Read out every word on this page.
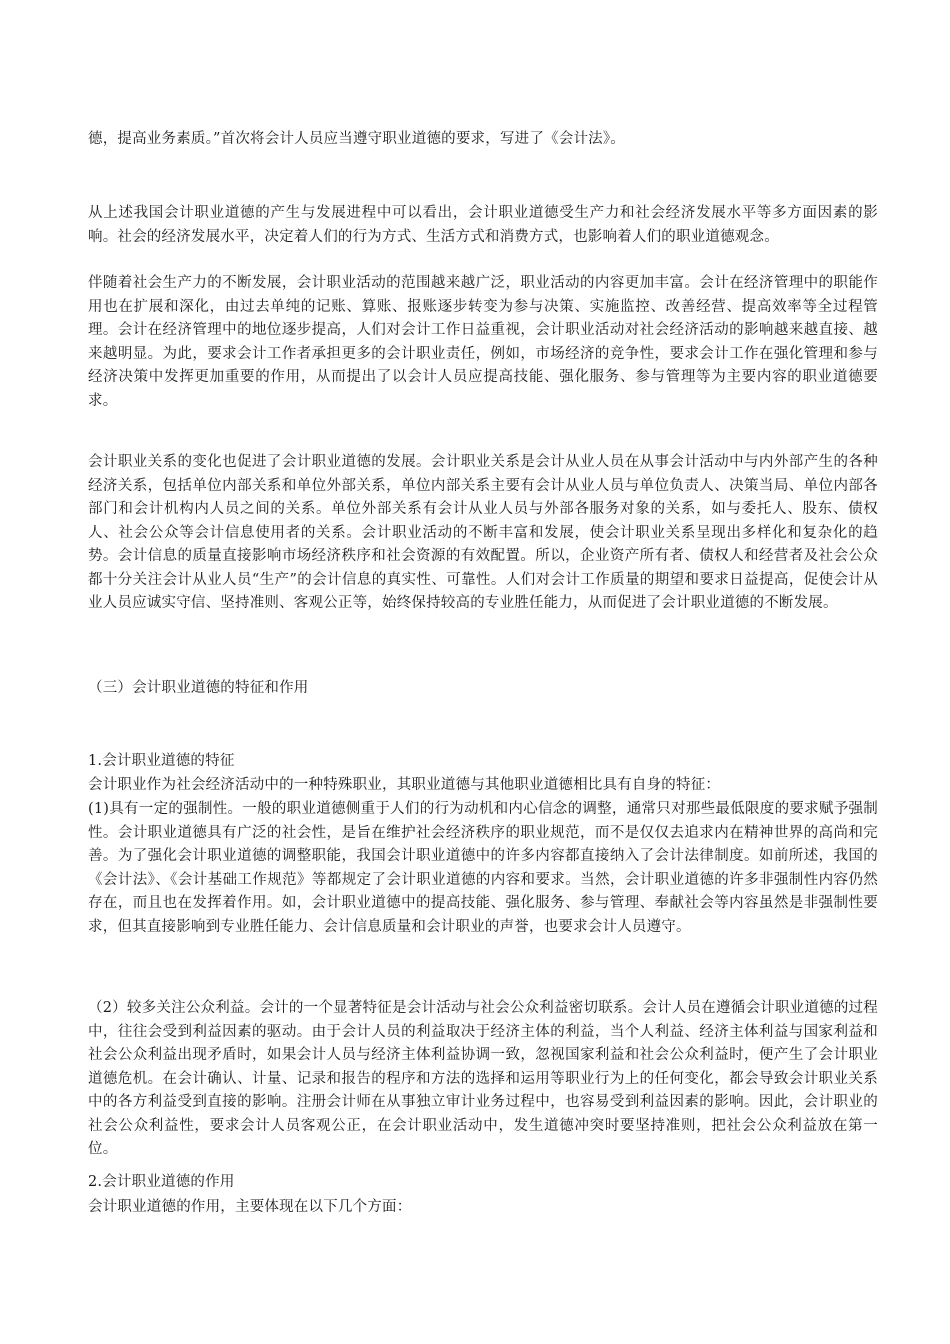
德，提高业务素质。”首次将会计人员应当遵守职业道德的要求，写进了《会计法》。

从上述我国会计职业道德的产生与发展进程中可以看出，会计职业道德受生产力和社会经济发展水平等多方面因素的影响。社会的经济发展水平，决定着人们的行为方式、生活方式和消费方式，也影响着人们的职业道德观念。

伴随着社会生产力的不断发展，会计职业活动的范围越来越广泛，职业活动的内容更加丰富。会计在经济管理中的职能作用也在扩展和深化，由过去单纯的记账、算账、报账逐步转变为参与决策、实施监控、改善经营、提高效率等全过程管理。会计在经济管理中的地位逐步提高，人们对会计工作日益重视，会计职业活动对社会经济活动的影响越来越直接、越来越明显。为此，要求会计工作者承担更多的会计职业责任，例如，市场经济的竞争性，要求会计工作在强化管理和参与经济决策中发挥更加重要的作用，从而提出了以会计人员应提高技能、强化服务、参与管理等为主要内容的职业道德要求。

会计职业关系的变化也促进了会计职业道德的发展。会计职业关系是会计从业人员在从事会计活动中与内外部产生的各种经济关系，包括单位内部关系和单位外部关系，单位内部关系主要有会计从业人员与单位负责人、决策当局、单位内部各部门和会计机构内人员之间的关系。单位外部关系有会计从业人员与外部各服务对象的关系，如与委托人、股东、债权人、社会公众等会计信息使用者的关系。会计职业活动的不断丰富和发展，使会计职业关系呈现出多样化和复杂化的趋势。会计信息的质量直接影响市场经济秩序和社会资源的有效配置。所以，企业资产所有者、债权人和经营者及社会公众都十分关注会计从业人员“生产”的会计信息的真实性、可靠性。人们对会计工作质量的期望和要求日益提高，促使会计从业人员应诚实守信、坚持准则、客观公正等，始终保持较高的专业胜任能力，从而促进了会计职业道德的不断发展。

（三）会计职业道德的特征和作用

1.会计职业道德的特征

会计职业作为社会经济活动中的一种特殊职业，其职业道德与其他职业道德相比具有自身的特征：

(1)具有一定的强制性。一般的职业道德侧重于人们的行为动机和内心信念的调整，通常只对那些最低限度的要求赋予强制性。会计职业道德具有广泛的社会性，是旨在维护社会经济秩序的职业规范，而不是仅仅去追求内在精神世界的高尚和完善。为了强化会计职业道德的调整职能，我国会计职业道德中的许多内容都直接纳入了会计法律制度。如前所述，我国的《会计法》、《会计基础工作规范》等都规定了会计职业道德的内容和要求。当然，会计职业道德的许多非强制性内容仍然存在，而且也在发挥着作用。如，会计职业道德中的提高技能、强化服务、参与管理、奉献社会等内容虽然是非强制性要求，但其直接影响到专业胜任能力、会计信息质量和会计职业的声誉，也要求会计人员遵守。

（2）较多关注公众利益。会计的一个显著特征是会计活动与社会公众利益密切联系。会计人员在遵循会计职业道德的过程中，往往会受到利益因素的驱动。由于会计人员的利益取决于经济主体的利益，当个人利益、经济主体利益与国家利益和社会公众利益出现矛盾时，如果会计人员与经济主体利益协调一致，忽视国家利益和社会公众利益时，便产生了会计职业道德危机。在会计确认、计量、记录和报告的程序和方法的选择和运用等职业行为上的任何变化，都会导致会计职业关系中的各方利益受到直接的影响。注册会计师在从事独立审计业务过程中，也容易受到利益因素的影响。因此，会计职业的社会公众利益性，要求会计人员客观公正，在会计职业活动中，发生道德冲突时要坚持准则，把社会公众利益放在第一位。

2.会计职业道德的作用

会计职业道德的作用，主要体现在以下几个方面：
